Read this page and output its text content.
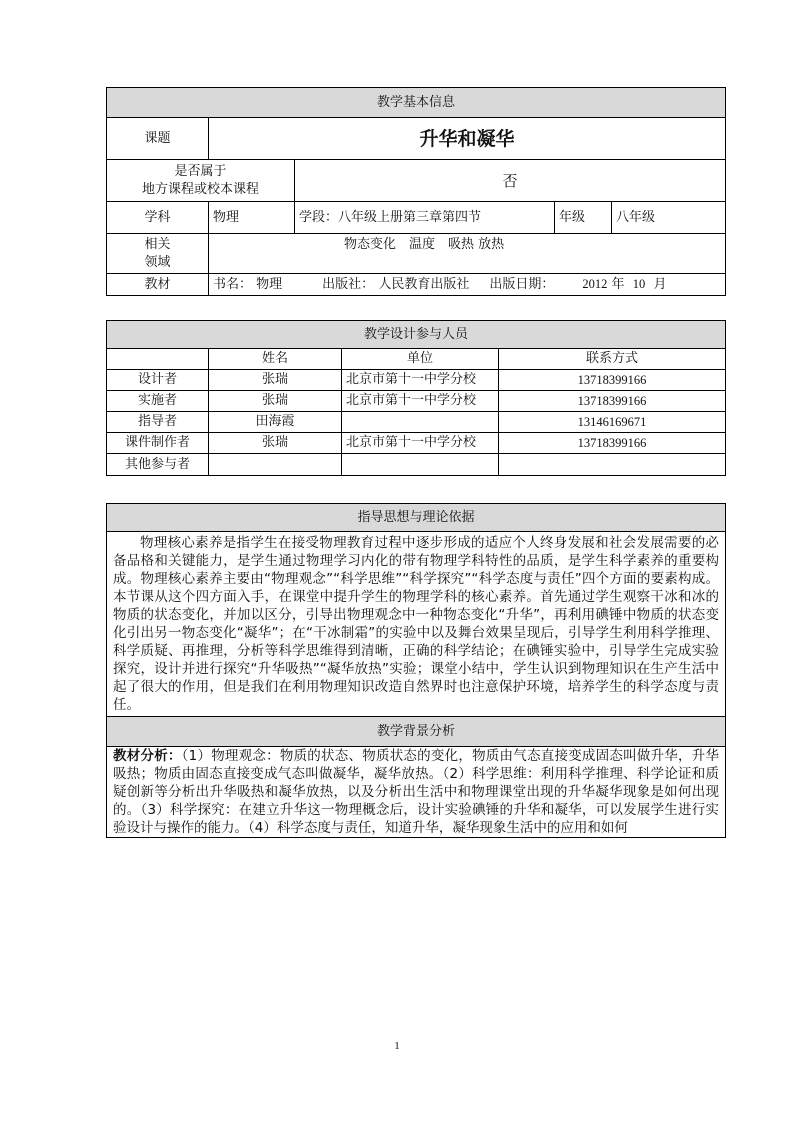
教学基本信息				
课题	升华和凝华			

是否属于
地方课程或校本课程		否		
学科	物理	学段：八年级上册第三章第四节	年级	八年级

相关
领域	物态变化　温度　吸热 放热			
教材	书名： 物理 出版社： 人民教育出版社 出版日期： 2012 年 10 月			
教学设计参与人员			
	姓名	单位	联系方式
设计者	张瑞	北京市第十一中学分校	13718399166
实施者	张瑞	北京市第十一中学分校	13718399166
指导者	田海霞		13146169671
课件制作者	张瑞	北京市第十一中学分校	13718399166
其他参与者			
指导思想与理论依据
物理核心素养是指学生在接受物理教育过程中逐步形成的适应个人终身发展和社会发展需要的必备品格和关键能力，是学生通过物理学习内化的带有物理学科特性的品质，是学生科学素养的重要构成。物理核心素养主要由“物理观念”“科学思维”“科学探究”“科学态度与责任”四个方面的要素构成。本节课从这个四方面入手，在课堂中提升学生的物理学科的核心素养。首先通过学生观察干冰和冰的物质的状态变化，并加以区分，引导出物理观念中一种物态变化“升华”，再利用碘锤中物质的状态变化引出另一物态变化“凝华”；在“干冰制霜”的实验中以及舞台效果呈现后，引导学生利用科学推理、科学质疑、再推理，分析等科学思维得到清晰，正确的科学结论；在碘锤实验中，引导学生完成实验探究，设计并进行探究“升华吸热”“凝华放热”实验；课堂小结中，学生认识到物理知识在生产生活中起了很大的作用，但是我们在利用物理知识改造自然界时也注意保护环境，培养学生的科学态度与责任。
教学背景分析
教材分析：（1）物理观念：物质的状态、物质状态的变化，物质由气态直接变成固态叫做升华，升华吸热；物质由固态直接变成气态叫做凝华，凝华放热。（2）科学思维：利用科学推理、科学论证和质疑创新等分析出升华吸热和凝华放热，以及分析出生活中和物理课堂出现的升华凝华现象是如何出现的。（3）科学探究：在建立升华这一物理概念后，设计实验碘锤的升华和凝华，可以发展学生进行实验设计与操作的能力。（4）科学态度与责任，知道升华，凝华现象生活中的应用和如何
1
